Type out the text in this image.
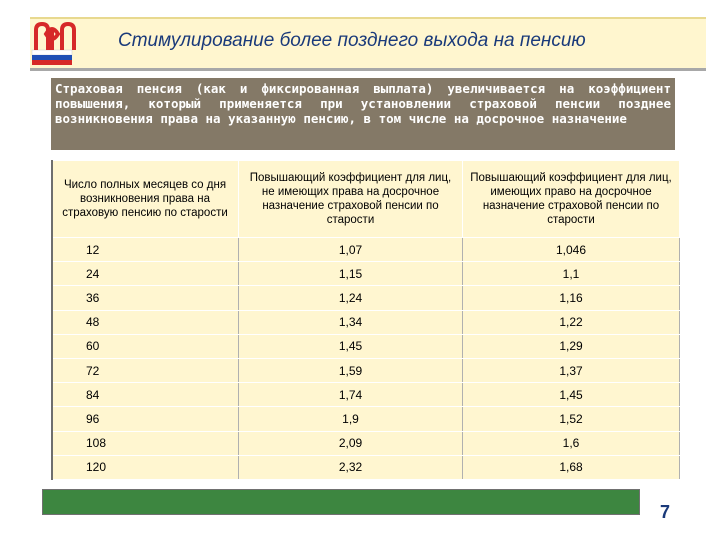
Стимулирование более позднего выхода на пенсию
Страховая пенсия (как и фиксированная выплата) увеличивается на коэффициент повышения, который применяется при установлении страховой пенсии позднее возникновения права на указанную пенсию, в том числе на досрочное назначение
Число полных месяцев со дня возникновения права на страховую пенсию по старости	Повышающий коэффициент для лиц, не имеющих права на досрочное назначение страховой пенсии по старости	Повышающий коэффициент для лиц, имеющих право на досрочное назначение страховой пенсии по старости
12	1,07	1,046
24	1,15	1,1
36	1,24	1,16
48	1,34	1,22
60	1,45	1,29
72	1,59	1,37
84	1,74	1,45
96	1,9	1,52
108	2,09	1,6
120	2,32	1,68
7
